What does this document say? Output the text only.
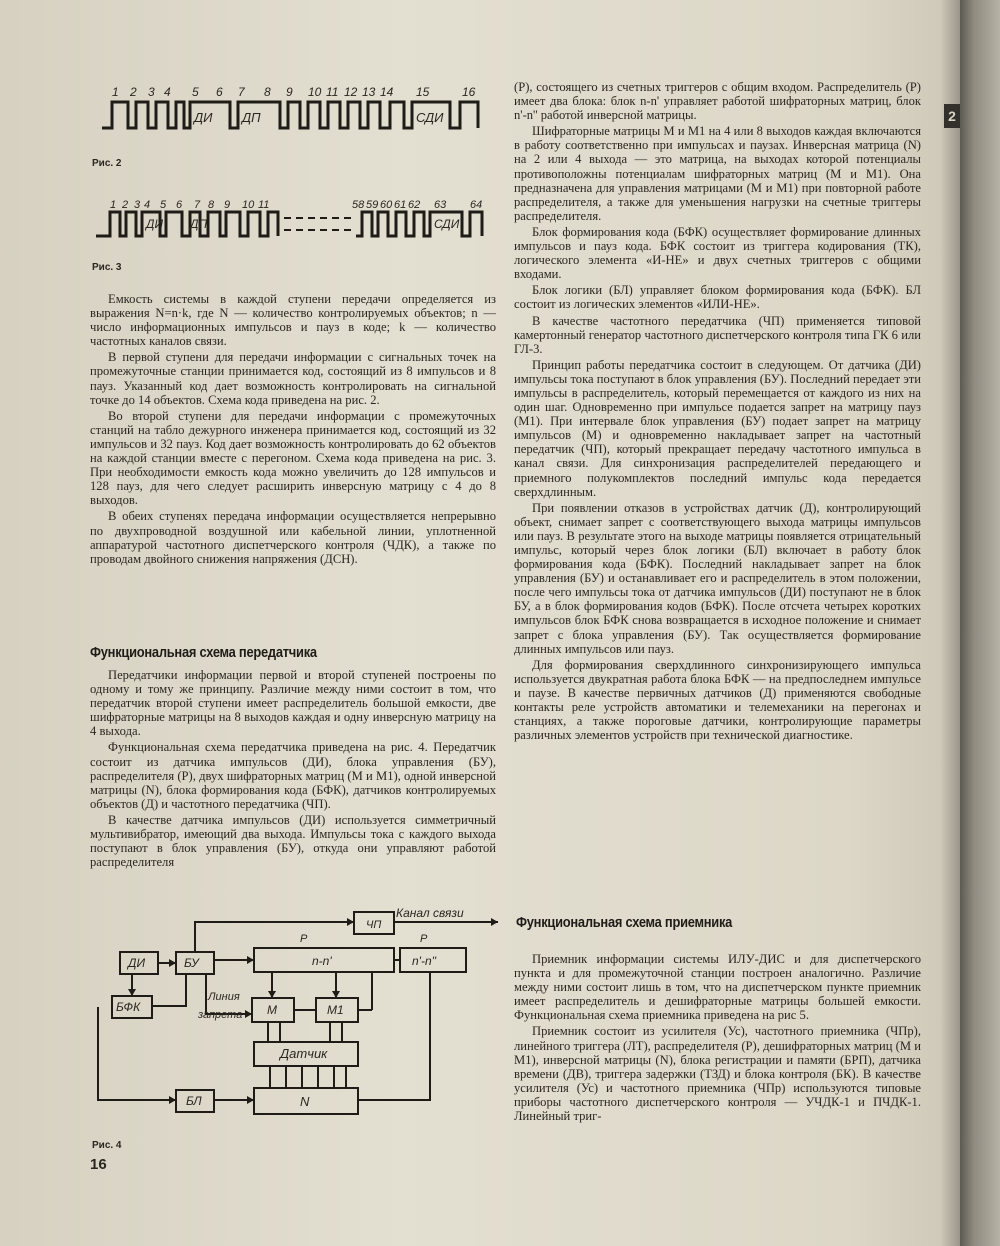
1 2 3 4 5 6 7 8 9 10 11 12 13 14 15	16
ДИ ДП	СДИ
Рис. 2
1 2 3 4 5 6 7 8 9 10 11	58 59 60 61 62 63 64
ДИ ДП	СДИ
Рис. 3

Емкость системы в каждой ступени передачи определяется из выражения N=n·k, где N — количество контролируемых объектов; n — число информационных импульсов и пауз в коде; k — количество частотных каналов связи.

В первой ступени для передачи информации с сигнальных точек на промежуточные станции принимается код, состоящий из 8 импульсов и 8 пауз. Указанный код дает возможность контролировать на сигнальной точке до 14 объектов. Схема кода приведена на рис. 2.

Во второй ступени для передачи информации с промежуточных станций на табло дежурного инженера принимается код, состоящий из 32 импульсов и 32 пауз. Код дает возможность контролировать до 62 объектов на каждой станции вместе с перегоном. Схема кода приведена на рис. 3. При необходимости емкость кода можно увеличить до 128 импульсов и 128 пауз, для чего следует расширить инверсную матрицу с 4 до 8 выходов.

В обеих ступенях передача информации осуществляется непрерывно по двухпроводной воздушной или кабельной линии, уплотненной аппаратурой частотного диспетчерского контроля (ЧДК), а также по проводам двойного снижения напряжения (ДСН).

Функциональная схема передатчика

Передатчики информации первой и второй ступеней построены по одному и тому же принципу. Различие между ними состоит в том, что передатчик второй ступени имеет распределитель большой емкости, две шифраторные матрицы на 8 выходов каждая и одну инверсную матрицу на 4 выхода.

Функциональная схема передатчика приведена на рис. 4. Передатчик состоит из датчика импульсов (ДИ), блока управления (БУ), распределителя (Р), двух шифраторных матриц (М и М1), одной инверсной матрицы (N), блока формирования кода (БФК), датчиков контролируемых объектов (Д) и частотного передатчика (ЧП).

В качестве датчика импульсов (ДИ) используется симметричный мультивибратор, имеющий два выхода. Импульсы тока с каждого выхода поступают в блок управления (БУ), откуда они управляют работой распределителя

ЧП
Канал связи
Р	Р
ДИ	БУ	n-n'	n'-n''
БФК
Линия
запрета М	М1
Датчик
БЛ	N
Рис. 4
16

(Р), состоящего из счетных триггеров с общим входом. Распределитель (Р) имеет два блока: блок n-n' управляет работой шифраторных матриц, блок n'-n'' работой инверсной матрицы.

Шифраторные матрицы М и М1 на 4 или 8 выходов каждая включаются в работу соответственно при импульсах и паузах. Инверсная матрица (N) на 2 или 4 выхода — это матрица, на выходах которой потенциалы противоположны потенциалам шифраторных матриц (М и М1). Она предназначена для управления матрицами (М и М1) при повторной работе распределителя, а также для уменьшения нагрузки на счетные триггеры распределителя.

Блок формирования кода (БФК) осуществляет формирование длинных импульсов и пауз кода. БФК состоит из триггера кодирования (ТК), логического элемента «И-НЕ» и двух счетных триггеров с общими входами.

Блок логики (БЛ) управляет блоком формирования кода (БФК). БЛ состоит из логических элементов «ИЛИ-НЕ».

В качестве частотного передатчика (ЧП) применяется типовой камертонный генератор частотного диспетчерского контроля типа ГК 6 или ГЛ-3.

Принцип работы передатчика состоит в следующем. От датчика (ДИ) импульсы тока поступают в блок управления (БУ). Последний передает эти импульсы в распределитель, который перемещается от каждого из них на один шаг. Одновременно при импульсе подается запрет на матрицу пауз (М1). При интервале блок управления (БУ) подает запрет на матрицу импульсов (М) и одновременно накладывает запрет на частотный передатчик (ЧП), который прекращает передачу частотного импульса в канал связи. Для синхронизация распределителей передающего и приемного полукомплектов последний импульс кода передается сверхдлинным.

При появлении отказов в устройствах датчик (Д), контролирующий объект, снимает запрет с соответствующего выхода матрицы импульсов или пауз. В результате этого на выходе матрицы появляется отрицательный импульс, который через блок логики (БЛ) включает в работу блок формирования кода (БФК). Последний накладывает запрет на блок управления (БУ) и останавливает его и распределитель в этом положении, после чего импульсы тока от датчика импульсов (ДИ) поступают не в блок БУ, а в блок формирования кодов (БФК). После отсчета четырех коротких импульсов блок БФК снова возвращается в исходное положение и снимает запрет с блока управления (БУ). Так осуществляется формирование длинных импульсов или пауз.

Для формирования сверхдлинного синхронизирующего импульса используется двукратная работа блока БФК — на предпоследнем импульсе и паузе. В качестве первичных датчиков (Д) применяются свободные контакты реле устройств автоматики и телемеханики на перегонах и станциях, а также пороговые датчики, контролирующие параметры различных элементов устройств при технической диагностике.

Функциональная схема приемника

Приемник информации системы ИЛУ-ДИС и для диспетчерского пункта и для промежуточной станции построен аналогично. Различие между ними состоит лишь в том, что на диспетчерском пункте приемник имеет распределитель и дешифраторные матрицы большей емкости. Функциональная схема приемника приведена на рис 5.

Приемник состоит из усилителя (Ус), частотного приемника (ЧПр), линейного триггера (ЛТ), распределителя (Р), дешифраторных матриц (М и М1), инверсной матрицы (N), блока регистрации и памяти (БРП), датчика времени (ДВ), триггера задержки (ТЗД) и блока контроля (БК). В качестве усилителя (Ус) и частотного приемника (ЧПр) используются типовые приборы частотного диспетчерского контроля — УЧДК-1 и ПЧДК-1. Линейный триг-

2
